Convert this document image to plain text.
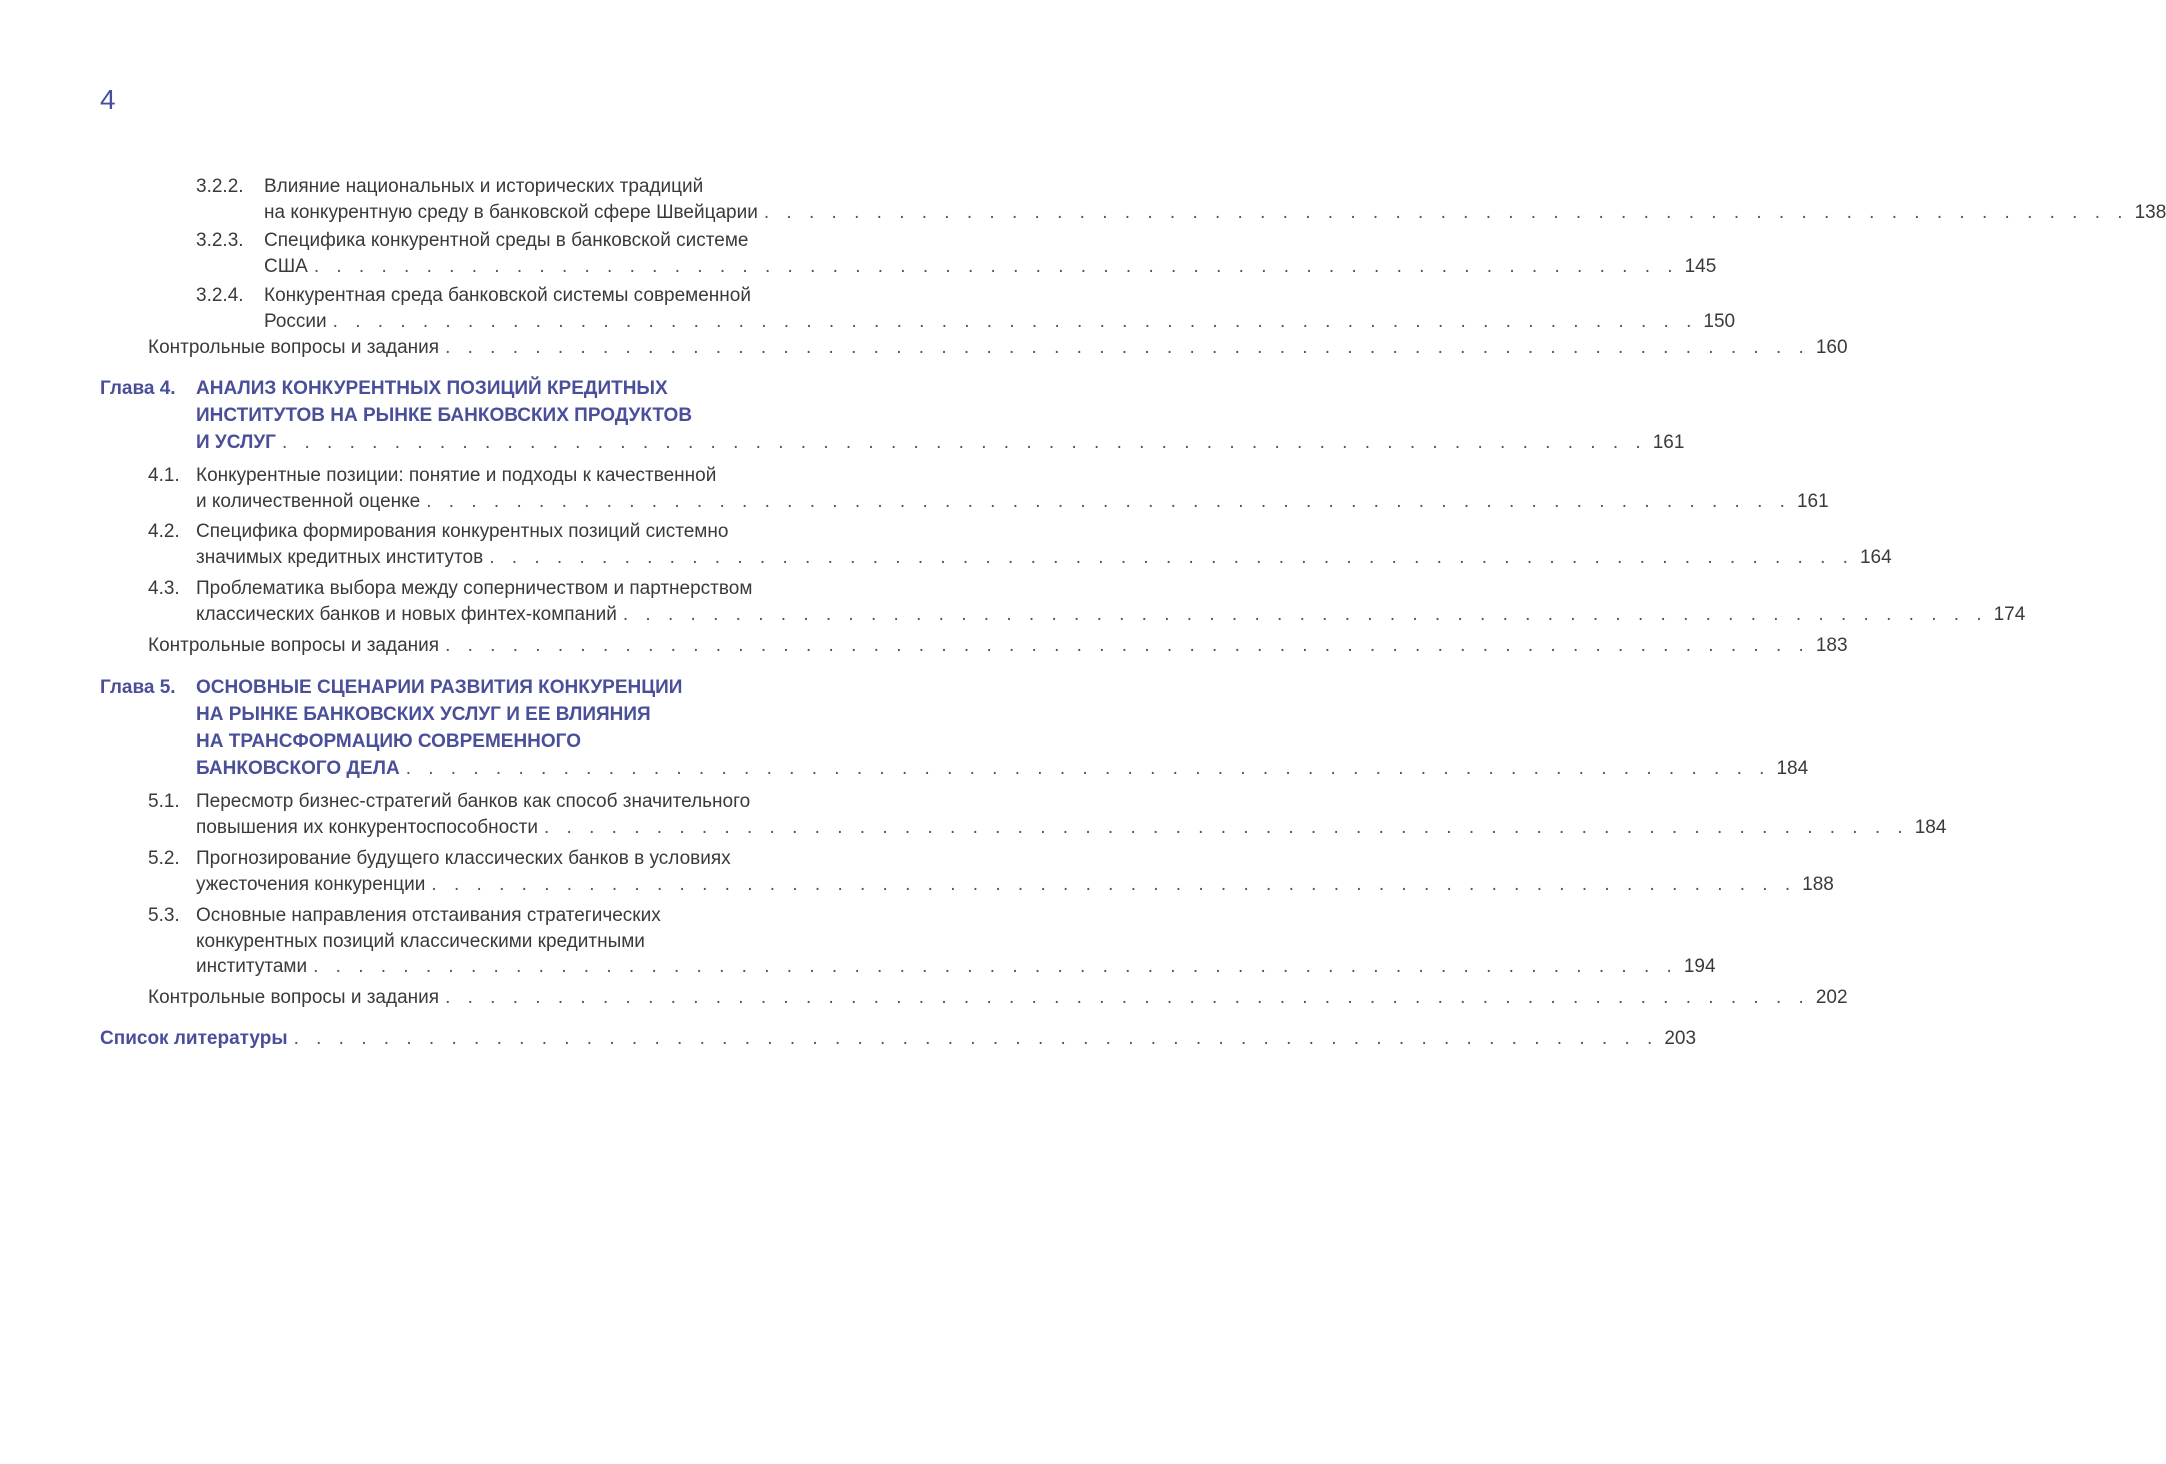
4
3.2.2. Влияние национальных и исторических традиций
на конкурентную среду в банковской сфере Швейцарии . . . . . . . . . . . . . . . . . . . . . . . . . . . . . . . . . . . . . . . . . . . . . . . . . . . . . . . . . . . . . 138
3.2.3. Специфика конкурентной среды в банковской системе
США . . . . . . . . . . . . . . . . . . . . . . . . . . . . . . . . . . . . . . . . . . . . . . . . . . . . . . . . . . . . . 145
3.2.4. Конкурентная среда банковской системы современной
России . . . . . . . . . . . . . . . . . . . . . . . . . . . . . . . . . . . . . . . . . . . . . . . . . . . . . . . . . . . . . 150
Контрольные вопросы и задания . . . . . . . . . . . . . . . . . . . . . . . . . . . . . . . . . . . . . . . . . . . . . . . . . . . . . . . . . . . . . 160
Глава 4. АНАЛИЗ КОНКУРЕНТНЫХ ПОЗИЦИЙ КРЕДИТНЫХ
ИНСТИТУТОВ НА РЫНКЕ БАНКОВСКИХ ПРОДУКТОВ
И УСЛУГ . . . . . . . . . . . . . . . . . . . . . . . . . . . . . . . . . . . . . . . . . . . . . . . . . . . . . . . . . . . . . 161
4.1. Конкурентные позиции: понятие и подходы к качественной
и количественной оценке . . . . . . . . . . . . . . . . . . . . . . . . . . . . . . . . . . . . . . . . . . . . . . . . . . . . . . . . . . . . . 161
4.2. Специфика формирования конкурентных позиций системно
значимых кредитных институтов . . . . . . . . . . . . . . . . . . . . . . . . . . . . . . . . . . . . . . . . . . . . . . . . . . . . . . . . . . . . . 164
4.3. Проблематика выбора между соперничеством и партнерством
классических банков и новых финтех-компаний . . . . . . . . . . . . . . . . . . . . . . . . . . . . . . . . . . . . . . . . . . . . . . . . . . . . . . . . . . . . . 174
Контрольные вопросы и задания . . . . . . . . . . . . . . . . . . . . . . . . . . . . . . . . . . . . . . . . . . . . . . . . . . . . . . . . . . . . . 183
Глава 5. ОСНОВНЫЕ СЦЕНАРИИ РАЗВИТИЯ КОНКУРЕНЦИИ
НА РЫНКЕ БАНКОВСКИХ УСЛУГ И ЕЕ ВЛИЯНИЯ
НА ТРАНСФОРМАЦИЮ СОВРЕМЕННОГО
БАНКОВСКОГО ДЕЛА . . . . . . . . . . . . . . . . . . . . . . . . . . . . . . . . . . . . . . . . . . . . . . . . . . . . . . . . . . . . . 184
5.1. Пересмотр бизнес-стратегий банков как способ значительного
повышения их конкурентоспособности . . . . . . . . . . . . . . . . . . . . . . . . . . . . . . . . . . . . . . . . . . . . . . . . . . . . . . . . . . . . . 184
5.2. Прогнозирование будущего классических банков в условиях
ужесточения конкуренции . . . . . . . . . . . . . . . . . . . . . . . . . . . . . . . . . . . . . . . . . . . . . . . . . . . . . . . . . . . . . 188
5.3. Основные направления отстаивания стратегических
конкурентных позиций классическими кредитными
институтами . . . . . . . . . . . . . . . . . . . . . . . . . . . . . . . . . . . . . . . . . . . . . . . . . . . . . . . . . . . . . 194
Контрольные вопросы и задания . . . . . . . . . . . . . . . . . . . . . . . . . . . . . . . . . . . . . . . . . . . . . . . . . . . . . . . . . . . . . 202
Список литературы . . . . . . . . . . . . . . . . . . . . . . . . . . . . . . . . . . . . . . . . . . . . . . . . . . . . . . . . . . . . . 203
